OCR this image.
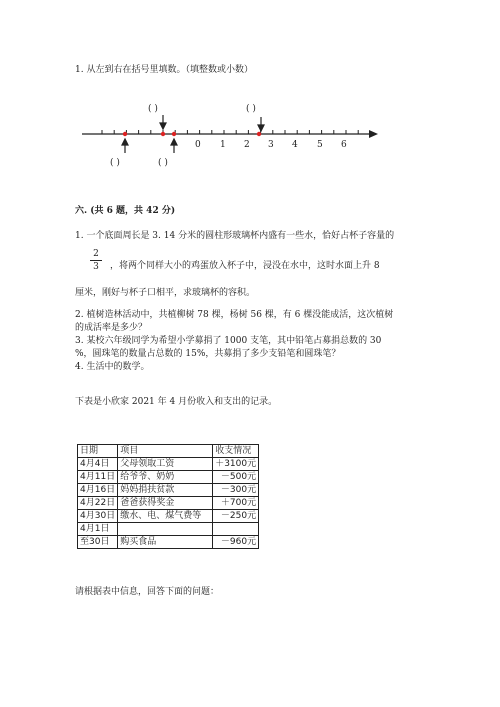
1. 从左到右在括号里填数。（填整数或小数）
( )	( )
( )	( )
0 1 2 3 4 5 6
六. (共 6 题，共 42 分)
1. 一个底面周长是 3. 14 分米的圆柱形玻璃杯内盛有一些水，恰好占杯子容量的
2
3	，将两个同样大小的鸡蛋放入杯子中，浸没在水中，这时水面上升 8
厘米，刚好与杯子口相平，求玻璃杯的容积。
2. 植树造林活动中，共植柳树 78 棵，杨树 56 棵，有 6 棵没能成活，这次植树
的成活率是多少？
3. 某校六年级同学为希望小学募捐了 1000 支笔，其中铅笔占募捐总数的 30
%，圆珠笔的数量占总数的 15%，共募捐了多少支铅笔和圆珠笔？
4. 生活中的数学。
下表是小欣家 2021 年 4 月份收入和支出的记录。
日期	项目	收支情况
4月4日	父母领取工资	＋3100元
4月11日	给爷爷、奶奶	－500元
4月16日	妈妈捐扶贫款	－300元
4月22日	爸爸获得奖金	＋700元
4月30日	缴水、电、煤气费等	－250元
4月1日		
至30日	购买食品	－960元
请根据表中信息，回答下面的问题：
